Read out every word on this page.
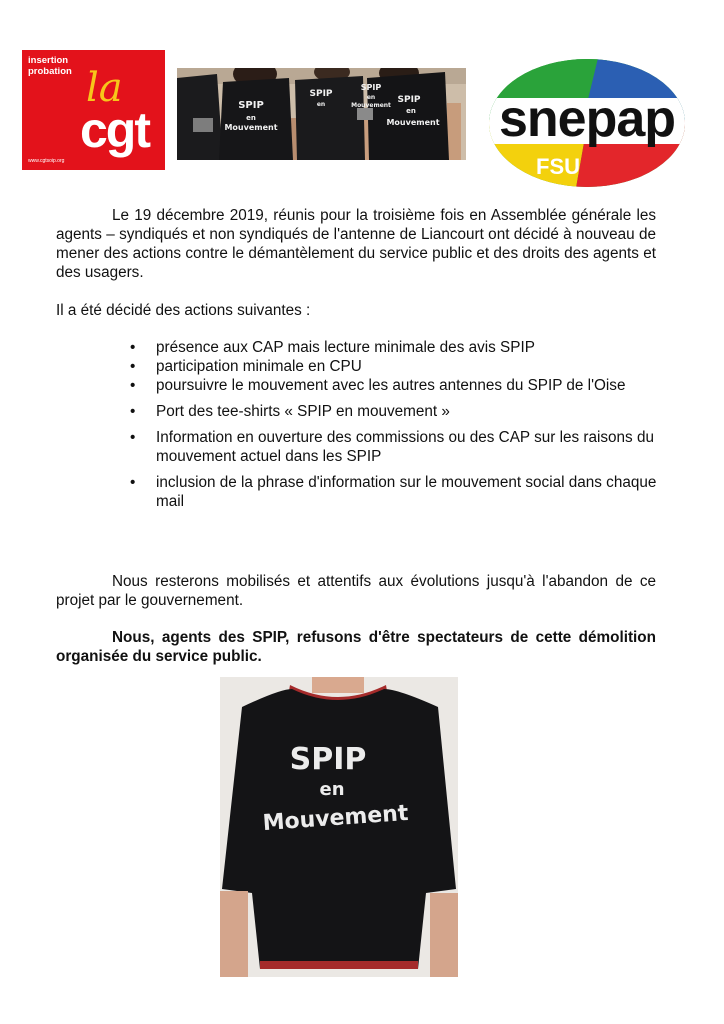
insertion
probation la
cgt
www.cgtsoip.org
SPIP
en
Mouvement
SPIP
en
SPIP
en
Mouvement
SPIP
en
Mouvement snepap
FSU

Le 19 décembre 2019, réunis pour la troisième fois en Assemblée générale les agents – syndiqués et non syndiqués de l'antenne de Liancourt ont décidé à nouveau de mener des actions contre le démantèlement du service public et des droits des agents et des usagers.

Il a été décidé des actions suivantes :

• présence aux CAP mais lecture minimale des avis SPIP
• participation minimale en CPU
• poursuivre le mouvement avec les autres antennes du SPIP de l'Oise
• Port des tee-shirts « SPIP en mouvement »
• Information en ouverture des commissions ou des CAP sur les raisons du mouvement actuel dans les SPIP
• inclusion de la phrase d'information sur le mouvement social dans chaque mail

Nous resterons mobilisés et attentifs aux évolutions jusqu'à l'abandon de ce projet par le gouvernement.

Nous, agents des SPIP, refusons d'être spectateurs de cette démolition organisée du service public.

SPIP
en
Mouvement
